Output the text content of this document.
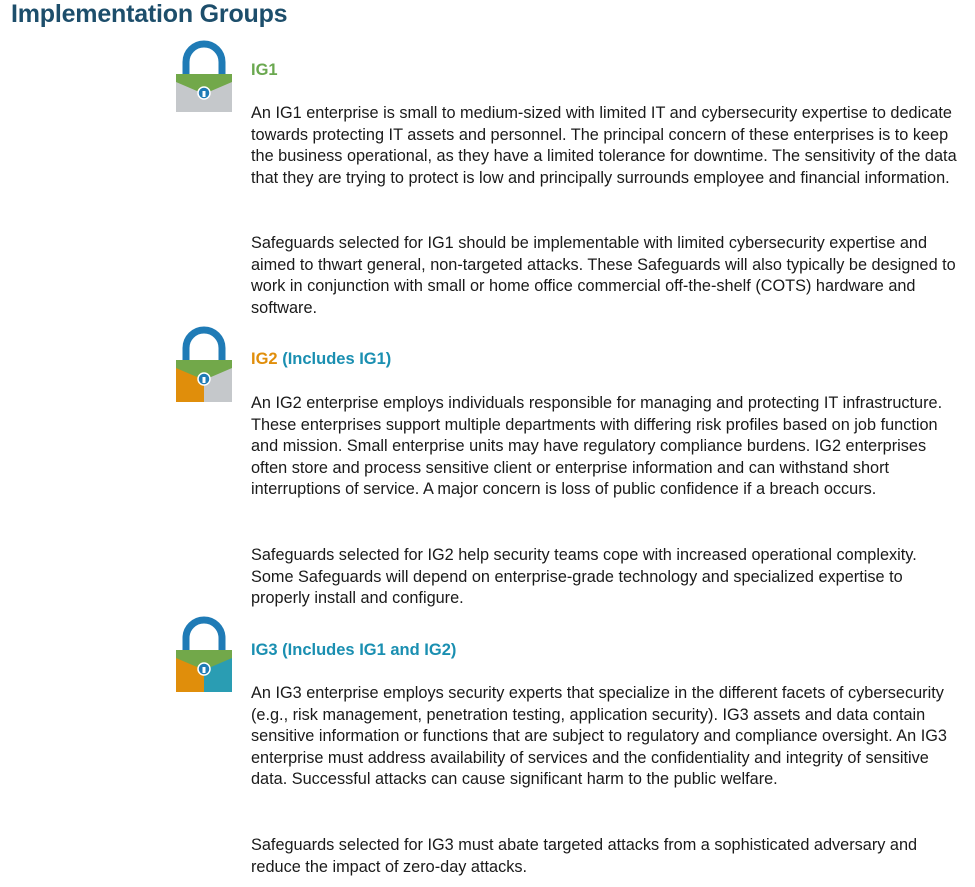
Implementation Groups
IG1

An IG1 enterprise is small to medium-sized with limited IT and cybersecurity expertise to dedicate towards protecting IT assets and personnel. The principal concern of these enterprises is to keep the business operational, as they have a limited tolerance for downtime. The sensitivity of the data that they are trying to protect is low and principally surrounds employee and financial information.

Safeguards selected for IG1 should be implementable with limited cybersecurity expertise and aimed to thwart general, non-targeted attacks. These Safeguards will also typically be designed to work in conjunction with small or home office commercial off-the-shelf (COTS) hardware and software.

IG2 (Includes IG1)

An IG2 enterprise employs individuals responsible for managing and protecting IT infrastructure. These enterprises support multiple departments with differing risk profiles based on job function and mission. Small enterprise units may have regulatory compliance burdens. IG2 enterprises often store and process sensitive client or enterprise information and can withstand short interruptions of service. A major concern is loss of public confidence if a breach occurs.

Safeguards selected for IG2 help security teams cope with increased operational complexity. Some Safeguards will depend on enterprise-grade technology and specialized expertise to properly install and configure.

IG3 (Includes IG1 and IG2)

An IG3 enterprise employs security experts that specialize in the different facets of cybersecurity (e.g., risk management, penetration testing, application security). IG3 assets and data contain sensitive information or functions that are subject to regulatory and compliance oversight. An IG3 enterprise must address availability of services and the confidentiality and integrity of sensitive data. Successful attacks can cause significant harm to the public welfare.

Safeguards selected for IG3 must abate targeted attacks from a sophisticated adversary and reduce the impact of zero-day attacks.
